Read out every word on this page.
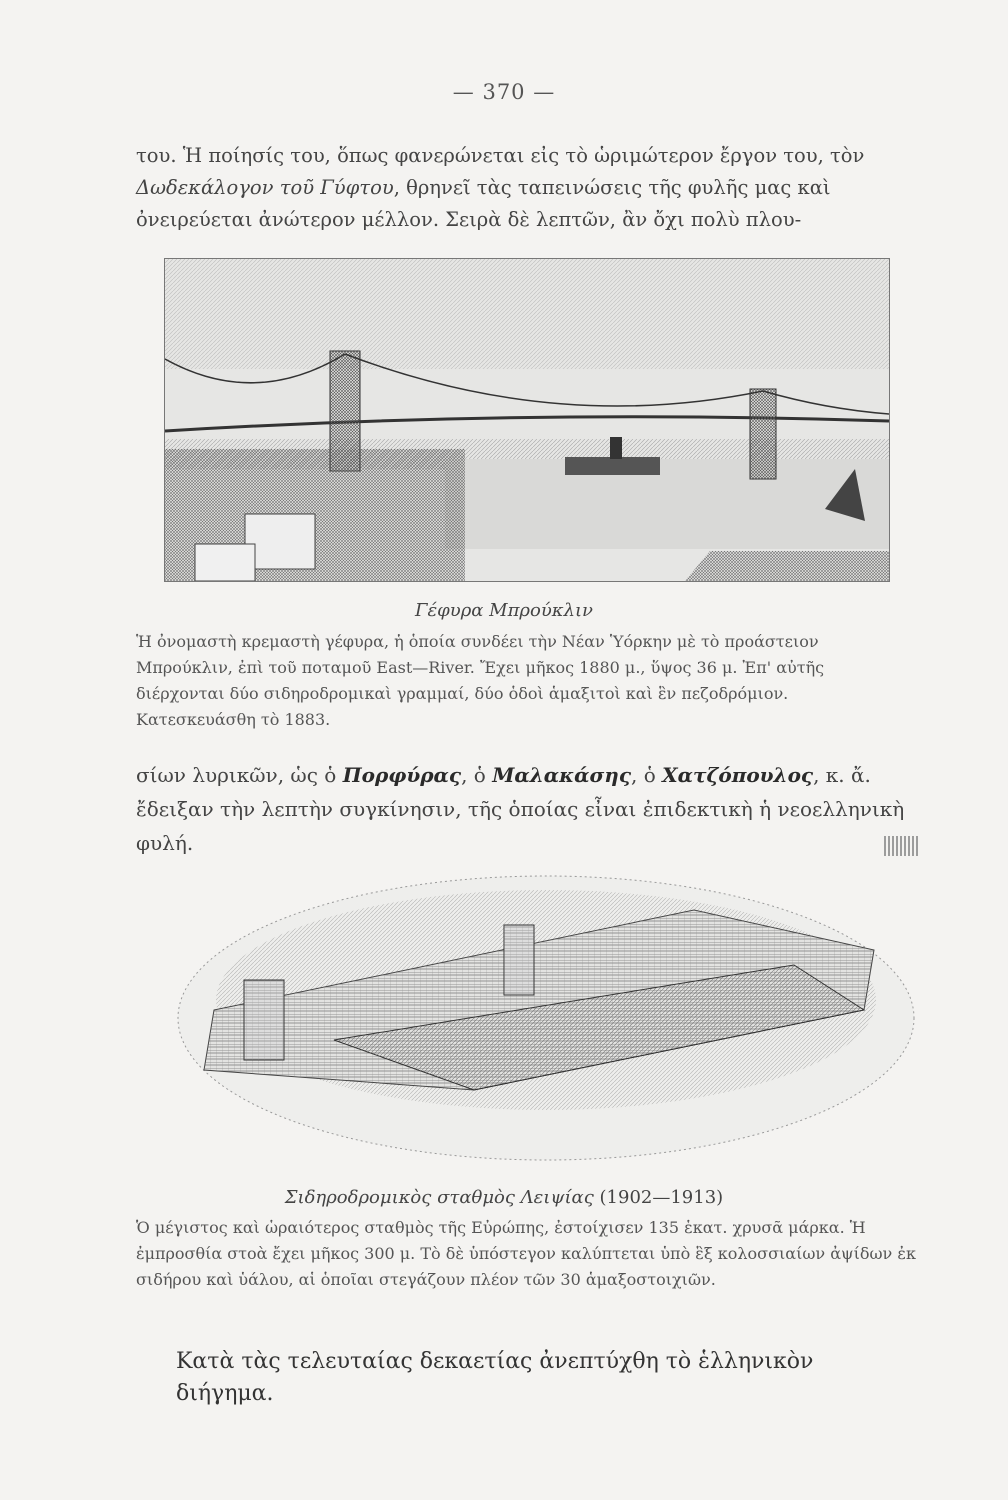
— 370 —

του. Ἡ ποίησίς του, ὅπως φανερώνεται εἰς τὸ ὡριμώτερον ἔργον του, τὸν Δωδεκάλογον τοῦ Γύφτου, θρηνεῖ τὰς ταπεινώσεις τῆς φυλῆς μας καὶ ὀνειρεύεται ἀνώτερον μέλλον. Σειρὰ δὲ λεπτῶν, ἂν ὄχι πολὺ πλου-

Γέφυρα Μπρούκλιν

Ἡ ὀνομαστὴ κρεμαστὴ γέφυρα, ἡ ὁποία συνδέει τὴν Νέαν Ὑόρκην μὲ τὸ προάστειον Μπρούκλιν, ἐπὶ τοῦ ποταμοῦ East—River. Ἔχει μῆκος 1880 μ., ὕψος 36 μ. Ἐπ' αὐτῆς διέρχονται δύο σιδηροδρομικαὶ γραμμαί, δύο ὁδοὶ ἁμαξιτοὶ καὶ ἓν πεζοδρόμιον. Κατεσκευάσθη τὸ 1883.

σίων λυρικῶν, ὡς ὁ Πορφύρας, ὁ Μαλακάσης, ὁ Χατζόπουλος, κ. ἄ. ἔδειξαν τὴν λεπτὴν συγκίνησιν, τῆς ὁποίας εἶναι ἐπιδεκτικὴ ἡ νεοελληνικὴ φυλή.

Σιδηροδρομικὸς σταθμὸς Λειψίας (1902—1913)

Ὁ μέγιστος καὶ ὡραιότερος σταθμὸς τῆς Εὐρώπης, ἐστοίχισεν 135 ἑκατ. χρυσᾶ μάρκα. Ἡ ἐμπροσθία στοὰ ἔχει μῆκος 300 μ. Τὸ δὲ ὑπόστεγον καλύπτεται ὑπὸ ἓξ κολοσσιαίων ἀψίδων ἐκ σιδήρου καὶ ὑάλου, αἱ ὁποῖαι στεγάζουν πλέον τῶν 30 ἁμαξοστοιχιῶν.

Κατὰ τὰς τελευταίας δεκαετίας ἀνεπτύχθη τὸ ἑλληνικὸν διήγημα.
